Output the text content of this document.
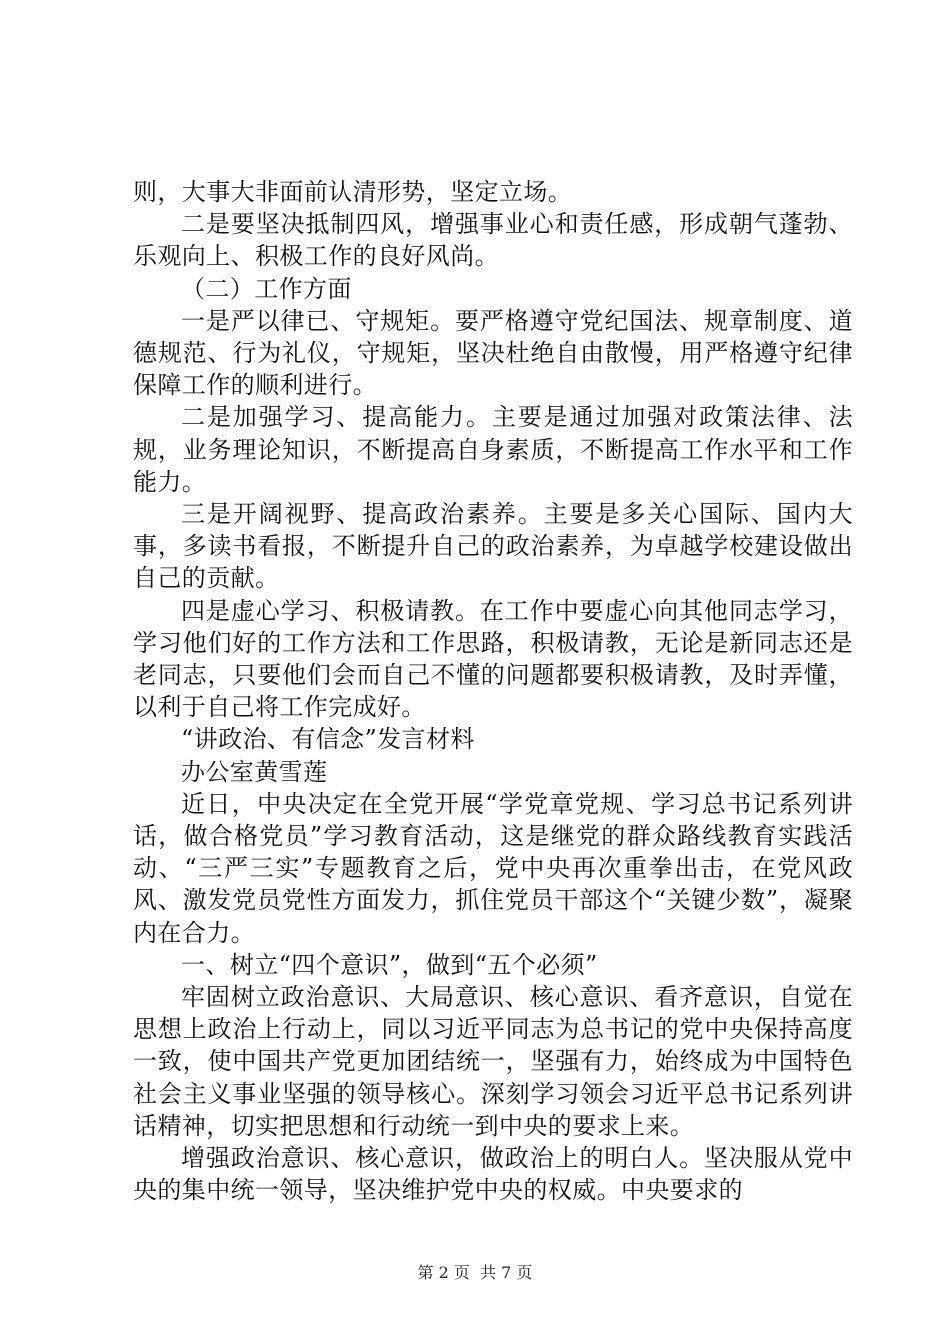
则，大事大非面前认清形势，坚定立场。

二是要坚决抵制四风，增强事业心和责任感，形成朝气蓬勃、乐观向上、积极工作的良好风尚。

（二）工作方面

一是严以律已、守规矩。要严格遵守党纪国法、规章制度、道德规范、行为礼仪，守规矩，坚决杜绝自由散慢，用严格遵守纪律保障工作的顺利进行。

二是加强学习、提高能力。主要是通过加强对政策法律、法规，业务理论知识，不断提高自身素质，不断提高工作水平和工作能力。

三是开阔视野、提高政治素养。主要是多关心国际、国内大事，多读书看报，不断提升自己的政治素养，为卓越学校建设做出自己的贡献。

四是虚心学习、积极请教。在工作中要虚心向其他同志学习，学习他们好的工作方法和工作思路，积极请教，无论是新同志还是老同志，只要他们会而自己不懂的问题都要积极请教，及时弄懂，以利于自己将工作完成好。

“讲政治、有信念”发言材料

办公室黄雪莲

近日，中央决定在全党开展“学党章党规、学习总书记系列讲话，做合格党员”学习教育活动，这是继党的群众路线教育实践活动、“三严三实”专题教育之后，党中央再次重拳出击，在党风政风、激发党员党性方面发力，抓住党员干部这个“关键少数”，凝聚内在合力。

一、树立“四个意识”，做到“五个必须”

牢固树立政治意识、大局意识、核心意识、看齐意识，自觉在思想上政治上行动上，同以习近平同志为总书记的党中央保持高度一致，使中国共产党更加团结统一，坚强有力，始终成为中国特色社会主义事业坚强的领导核心。深刻学习领会习近平总书记系列讲话精神，切实把思想和行动统一到中央的要求上来。

增强政治意识、核心意识，做政治上的明白人。坚决服从党中央的集中统一领导，坚决维护党中央的权威。中央要求的

第 2 页  共 7 页
